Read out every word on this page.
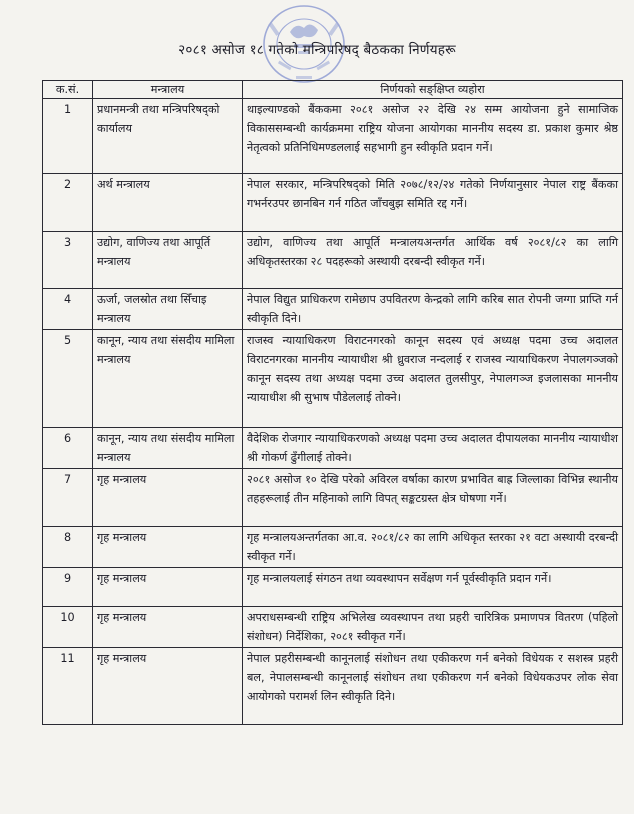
२०८१ असोज १८ गतेको मन्त्रिपरिषद् बैठकका निर्णयहरू
क.सं.	मन्त्रालय	निर्णयको सङ्क्षिप्त व्यहोरा
1	प्रधानमन्त्री तथा मन्त्रिपरिषद्को कार्यालय	थाइल्याण्डको बैंककमा २०८१ असोज २२ देखि २४ सम्म आयोजना हुने सामाजिक विकाससम्बन्धी कार्यक्रममा राष्ट्रिय योजना आयोगका माननीय सदस्य डा. प्रकाश कुमार श्रेष्ठ नेतृत्वको प्रतिनिधिमण्डललाई सहभागी हुन स्वीकृति प्रदान गर्ने।
2	अर्थ मन्त्रालय	नेपाल सरकार, मन्त्रिपरिषद्को मिति २०७८/१२/२४ गतेको निर्णयानुसार नेपाल राष्ट्र बैंकका गभर्नरउपर छानबिन गर्न गठित जाँचबुझ समिति रद्द गर्ने।
3	उद्योग, वाणिज्य तथा आपूर्ति मन्त्रालय	उद्योग, वाणिज्य तथा आपूर्ति मन्त्रालयअन्तर्गत आर्थिक वर्ष २०८१/८२ का लागि अधिकृतस्तरका २८ पदहरूको अस्थायी दरबन्दी स्वीकृत गर्ने।
4	ऊर्जा, जलस्रोत तथा सिँचाइ मन्त्रालय	नेपाल विद्युत प्राधिकरण रामेछाप उपवितरण केन्द्रको लागि करिब सात रोपनी जग्गा प्राप्ति गर्न स्वीकृति दिने।
5	कानून, न्याय तथा संसदीय मामिला मन्त्रालय	राजस्व न्यायाधिकरण विराटनगरको कानून सदस्य एवं अध्यक्ष पदमा उच्च अदालत विराटनगरका माननीय न्यायाधीश श्री ध्रुवराज नन्दलाई र राजस्व न्यायाधिकरण नेपालगञ्जको कानून सदस्य तथा अध्यक्ष पदमा उच्च अदालत तुलसीपुर, नेपालगञ्ज इजलासका माननीय न्यायाधीश श्री सुभाष पौडेललाई तोक्ने।
6	कानून, न्याय तथा संसदीय मामिला मन्त्रालय	वैदेशिक रोजगार न्यायाधिकरणको अध्यक्ष पदमा उच्च अदालत दीपायलका माननीय न्यायाधीश श्री गोकर्ण ढुँगीलाई तोक्ने।
7	गृह मन्त्रालय	२०८१ असोज १० देखि परेको अविरल वर्षाका कारण प्रभावित बाह्र जिल्लाका विभिन्न स्थानीय तहहरूलाई तीन महिनाको लागि विपत् सङ्कटग्रस्त क्षेत्र घोषणा गर्ने।
8	गृह मन्त्रालय	गृह मन्त्रालयअन्तर्गतका आ.व. २०८१/८२ का लागि अधिकृत स्तरका २१ वटा अस्थायी दरबन्दी स्वीकृत गर्ने।
9	गृह मन्त्रालय	गृह मन्त्रालयलाई संगठन तथा व्यवस्थापन सर्वेक्षण गर्न पूर्वस्वीकृति प्रदान गर्ने।
10	गृह मन्त्रालय	अपराधसम्बन्धी राष्ट्रिय अभिलेख व्यवस्थापन तथा प्रहरी चारित्रिक प्रमाणपत्र वितरण (पहिलो संशोधन) निर्देशिका, २०८१ स्वीकृत गर्ने।
11	गृह मन्त्रालय	नेपाल प्रहरीसम्बन्धी कानूनलाई संशोधन तथा एकीकरण गर्न बनेको विधेयक र सशस्त्र प्रहरी बल, नेपालसम्बन्धी कानूनलाई संशोधन तथा एकीकरण गर्न बनेको विधेयकउपर लोक सेवा आयोगको परामर्श लिन स्वीकृति दिने।
